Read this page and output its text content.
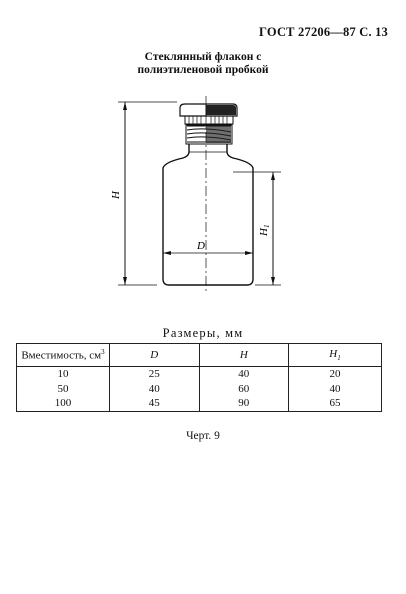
ГОСТ 27206—87 С. 13
Стеклянный флакон с
полиэтиленовой пробкой
H
D
H1
Размеры, мм
Вместимость, $см^3$	D	H	$H_1$
10	25	40	20
50	40	60	40
100	45	90	65
Черт. 9
